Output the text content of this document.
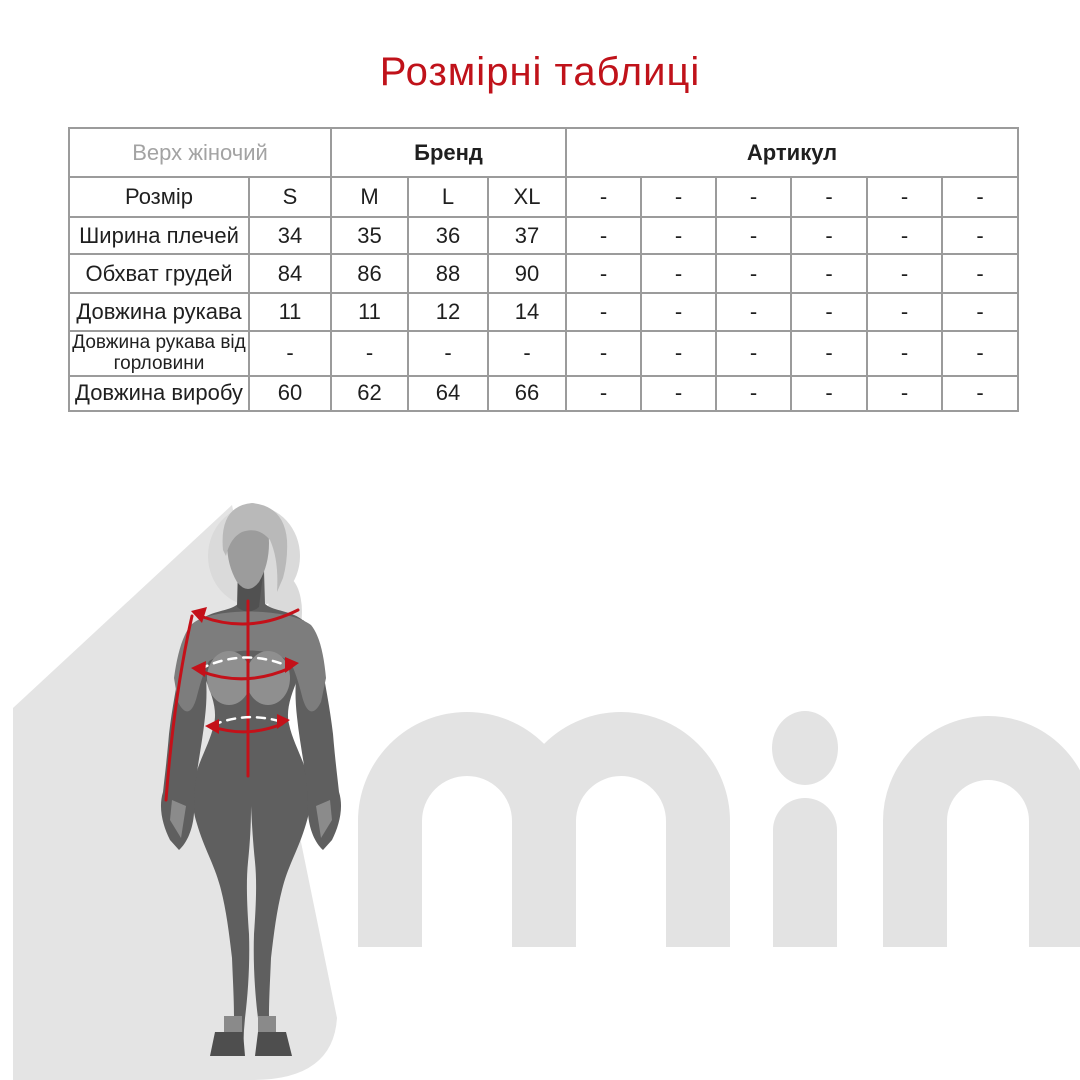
Розмірні таблиці
Верх жіночий		Бренд			Артикул					
Розмір	S	M	L	XL	-	-	-	-	-	-
Ширина плечей	34	35	36	37	-	-	-	-	-	-
Обхват грудей	84	86	88	90	-	-	-	-	-	-
Довжина рукава	11	11	12	14	-	-	-	-	-	-
Довжина рукава від горловини	-	-	-	-	-	-	-	-	-	-
Довжина виробу	60	62	64	66	-	-	-	-	-	-
